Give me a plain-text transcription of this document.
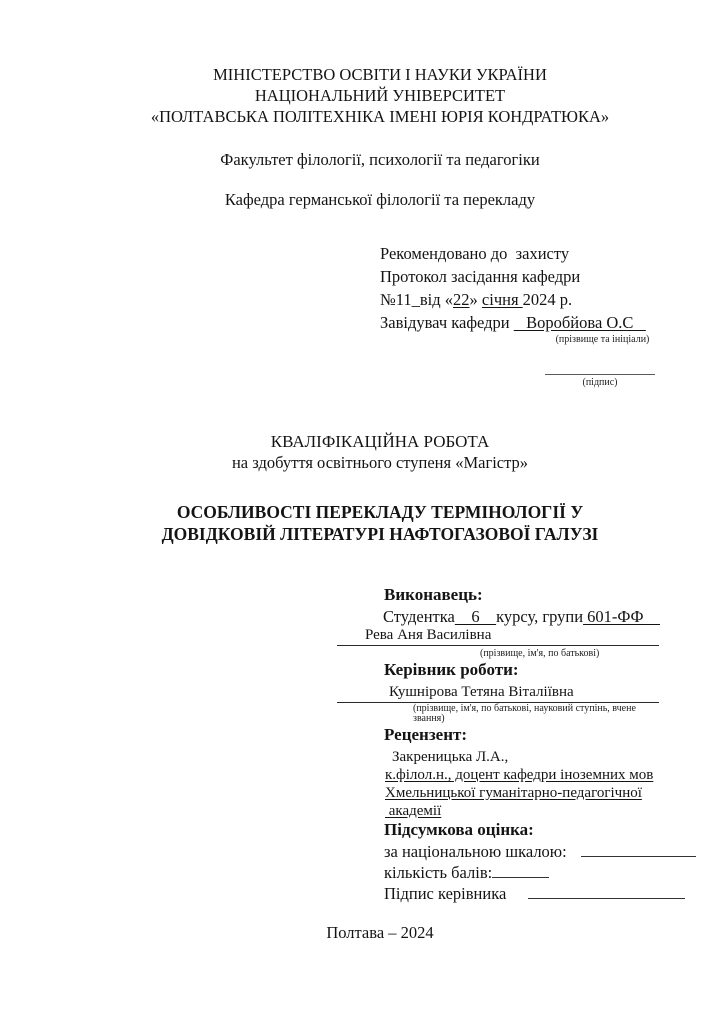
МІНІСТЕРСТВО ОСВІТИ І НАУКИ УКРАЇНИ
НАЦІОНАЛЬНИЙ УНІВЕРСИТЕТ
«ПОЛТАВСЬКА ПОЛІТЕХНІКА ІМЕНІ ЮРІЯ КОНДРАТЮКА»
Факультет філології, психології та педагогіки
Кафедра германської філології та перекладу
Рекомендовано до  захисту
Протокол засідання кафедри
№11_від «22» січня 2024 р.
Завідувач кафедри    Воробйова О.С
(прізвище та ініціали)
(підпис)
КВАЛІФІКАЦІЙНА РОБОТА
на здобуття освітнього ступеня «Магістр»
ОСОБЛИВОСТІ ПЕРЕКЛАДУ ТЕРМІНОЛОГІЇ У
ДОВІДКОВІЙ ЛІТЕРАТУРІ НАФТОГАЗОВОЇ ГАЛУЗІ
Виконавець:
Студентка    6    курсу, групи 601-ФФ
Рева Аня Василівна
(прізвище, ім'я, по батькові)
Керівник роботи:
Кушнірова Тетяна Віталіївна
(прізвище, ім'я, по батькові, науковий ступінь, вчене
звання)
Рецензент:
Закреницька Л.А.,
к.філол.н., доцент кафедри іноземних мов
Хмельницької гуманітарно-педагогічної
академії
Підсумкова оцінка:
за національною шкалою:
кількість балів:
Підпис керівника
Полтава – 2024
